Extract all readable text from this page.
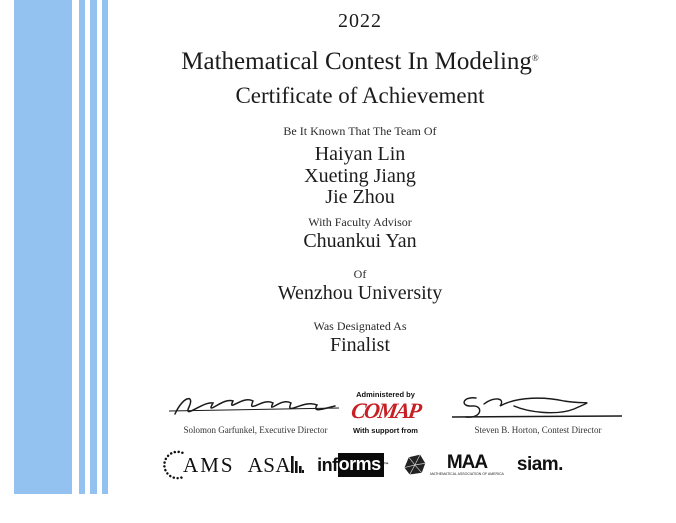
2022
Mathematical Contest In Modeling®
Certificate of Achievement
Be It Known That The Team Of
Haiyan Lin
Xueting Jiang
Jie Zhou
With Faculty Advisor
Chuankui Yan
Of
Wenzhou University
Was Designated As
Finalist
Solomon Garfunkel, Executive Director
Administered by
COMAP
With support from	Steven B. Horton, Contest Director
AMS ASA inf orms ™	MAA
MATHEMATICAL ASSOCIATION OF AMERICA siam.
